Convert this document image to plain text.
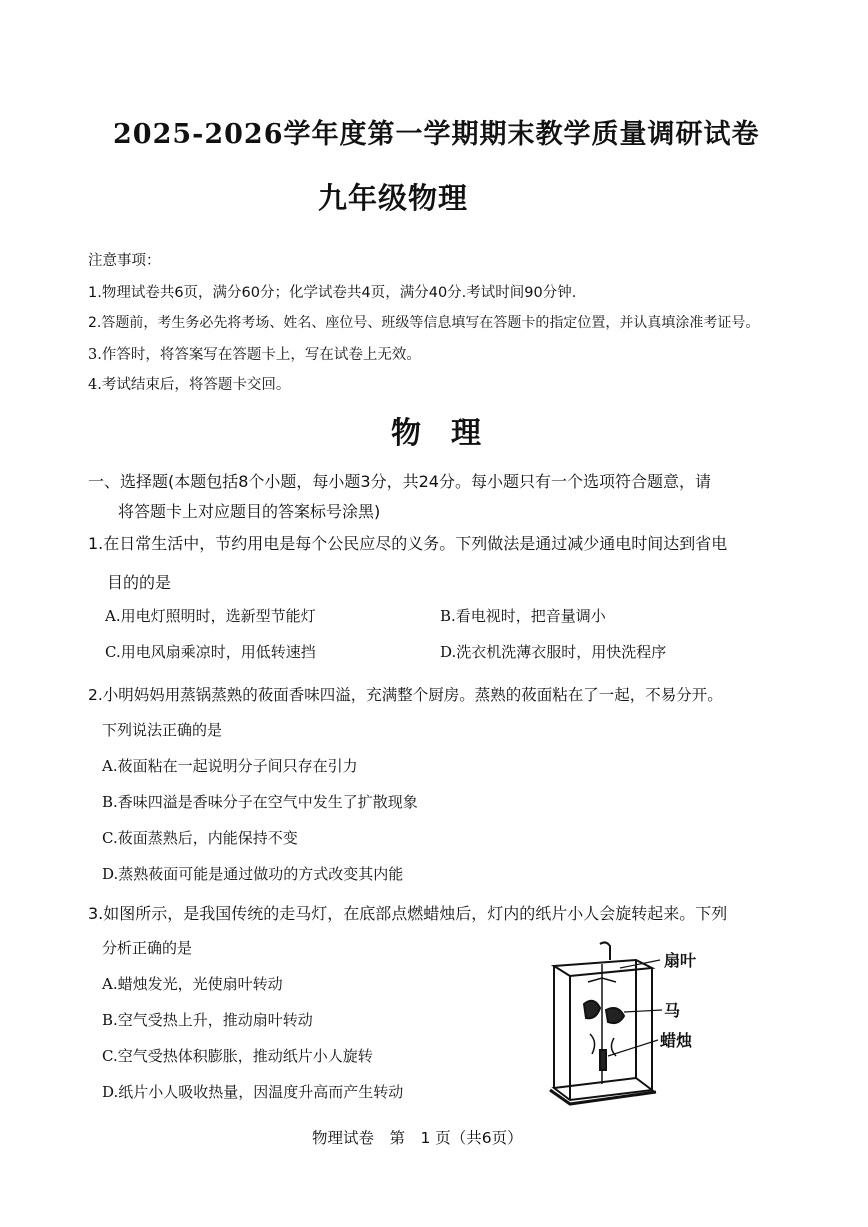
2025-2026学年度第一学期期末教学质量调研试卷
九年级物理
注意事项：
1.物理试卷共6页，满分60分；化学试卷共4页，满分40分.考试时间90分钟.
2.答题前，考生务必先将考场、姓名、座位号、班级等信息填写在答题卡的指定位置，并认真填涂准考证号。
3.作答时，将答案写在答题卡上，写在试卷上无效。
4.考试结束后，将答题卡交回。
物　理
一、选择题(本题包括8个小题，每小题3分，共24分。每小题只有一个选项符合题意，请
将答题卡上对应题目的答案标号涂黑)
1.在日常生活中，节约用电是每个公民应尽的义务。下列做法是通过减少通电时间达到省电
目的的是
A.用电灯照明时，选新型节能灯	B.看电视时，把音量调小
C.用电风扇乘凉时，用低转速挡	D.洗衣机洗薄衣服时，用快洗程序
2.小明妈妈用蒸锅蒸熟的莜面香味四溢，充满整个厨房。蒸熟的莜面粘在了一起，不易分开。
下列说法正确的是
A.莜面粘在一起说明分子间只存在引力
B.香味四溢是香味分子在空气中发生了扩散现象
C.莜面蒸熟后，内能保持不变
D.蒸熟莜面可能是通过做功的方式改变其内能
3.如图所示，是我国传统的走马灯，在底部点燃蜡烛后，灯内的纸片小人会旋转起来。下列
分析正确的是
A.蜡烛发光，光使扇叶转动
B.空气受热上升，推动扇叶转动
C.空气受热体积膨胀，推动纸片小人旋转
D.纸片小人吸收热量，因温度升高而产生转动
扇叶
马
蜡烛
物理试卷　第　1 页（共6页）
